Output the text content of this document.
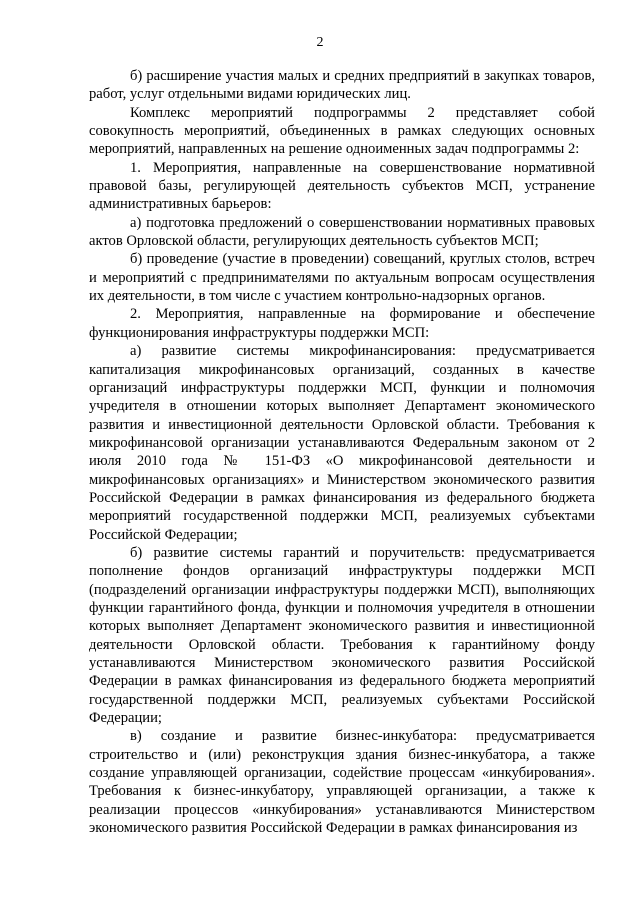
2

б) расширение участия малых и средних предприятий в закупках товаров, работ, услуг отдельными видами юридических лиц.

Комплекс мероприятий подпрограммы 2 представляет собой совокупность мероприятий, объединенных в рамках следующих основных мероприятий, направленных на решение одноименных задач подпрограммы 2:

1. Мероприятия, направленные на совершенствование нормативной правовой базы, регулирующей деятельность субъектов МСП, устранение административных барьеров:

а) подготовка предложений о совершенствовании нормативных правовых актов Орловской области, регулирующих деятельность субъектов МСП;

б) проведение (участие в проведении) совещаний, круглых столов, встреч и мероприятий с предпринимателями по актуальным вопросам осуществления их деятельности, в том числе с участием контрольно-надзорных органов.

2. Мероприятия, направленные на формирование и обеспечение функционирования инфраструктуры поддержки МСП:

а) развитие системы микрофинансирования: предусматривается капитализация микрофинансовых организаций, созданных в качестве организаций инфраструктуры поддержки МСП, функции и полномочия учредителя в отношении которых выполняет Департамент экономического развития и инвестиционной деятельности Орловской области. Требования к микрофинансовой организации устанавливаются Федеральным законом от 2 июля 2010 года № 151-ФЗ «О микрофинансовой деятельности и микрофинансовых организациях» и Министерством экономического развития Российской Федерации в рамках финансирования из федерального бюджета мероприятий государственной поддержки МСП, реализуемых субъектами Российской Федерации;

б) развитие системы гарантий и поручительств: предусматривается пополнение фондов организаций инфраструктуры поддержки МСП (подразделений организации инфраструктуры поддержки МСП), выполняющих функции гарантийного фонда, функции и полномочия учредителя в отношении которых выполняет Департамент экономического развития и инвестиционной деятельности Орловской области. Требования к гарантийному фонду устанавливаются Министерством экономического развития Российской Федерации в рамках финансирования из федерального бюджета мероприятий государственной поддержки МСП, реализуемых субъектами Российской Федерации;

в) создание и развитие бизнес-инкубатора: предусматривается строительство и (или) реконструкция здания бизнес-инкубатора, а также создание управляющей организации, содействие процессам «инкубирования». Требования к бизнес-инкубатору, управляющей организации, а также к реализации процессов «инкубирования» устанавливаются Министерством экономического развития Российской Федерации в рамках финансирования из
